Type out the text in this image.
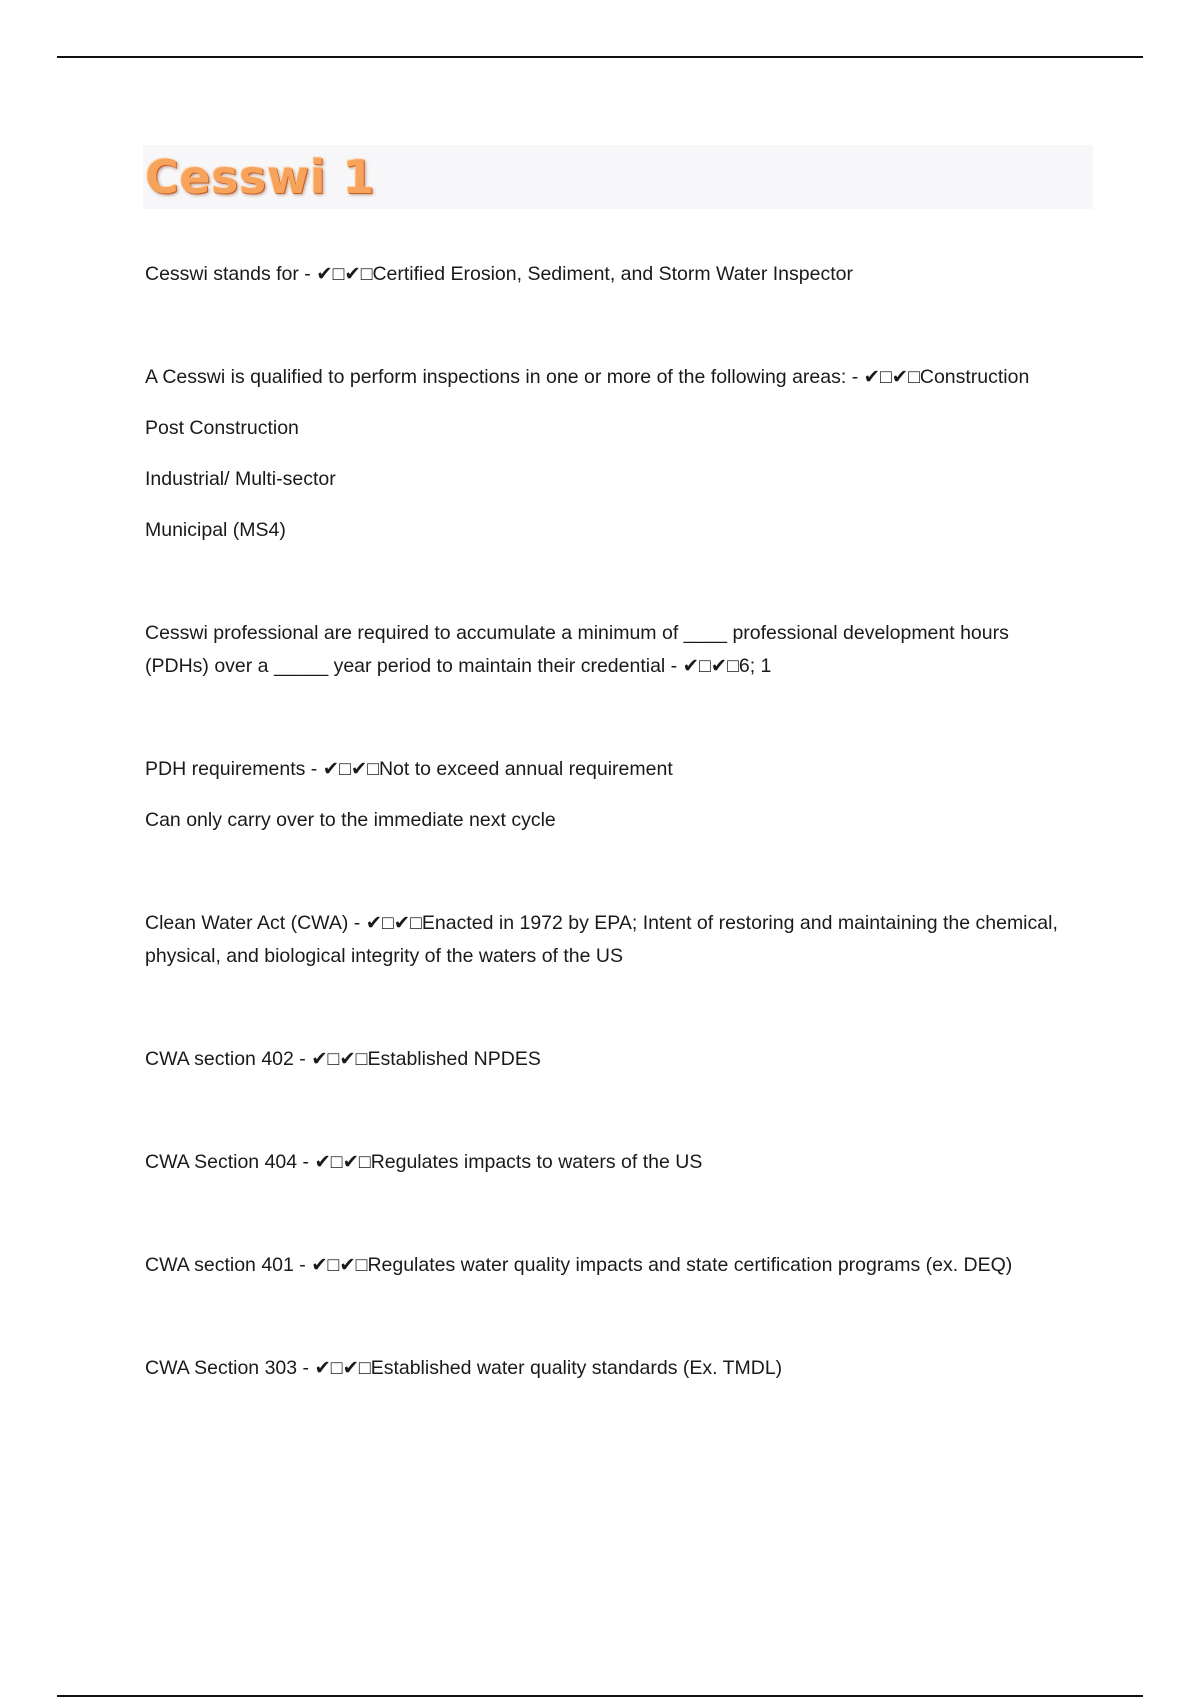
Cesswi 1

Cesswi stands for - ✔□✔□Certified Erosion, Sediment, and Storm Water Inspector

A Cesswi is qualified to perform inspections in one or more of the following areas: - ✔□✔□Construction

Post Construction

Industrial/ Multi-sector

Municipal (MS4)

Cesswi professional are required to accumulate a minimum of ____ professional development hours (PDHs) over a _____ year period to maintain their credential - ✔□✔□6; 1

PDH requirements - ✔□✔□Not to exceed annual requirement

Can only carry over to the immediate next cycle

Clean Water Act (CWA) - ✔□✔□Enacted in 1972 by EPA; Intent of restoring and maintaining the chemical, physical, and biological integrity of the waters of the US

CWA section 402 - ✔□✔□Established NPDES

CWA Section 404 - ✔□✔□Regulates impacts to waters of the US

CWA section 401 - ✔□✔□Regulates water quality impacts and state certification programs (ex. DEQ)

CWA Section 303 - ✔□✔□Established water quality standards (Ex. TMDL)
